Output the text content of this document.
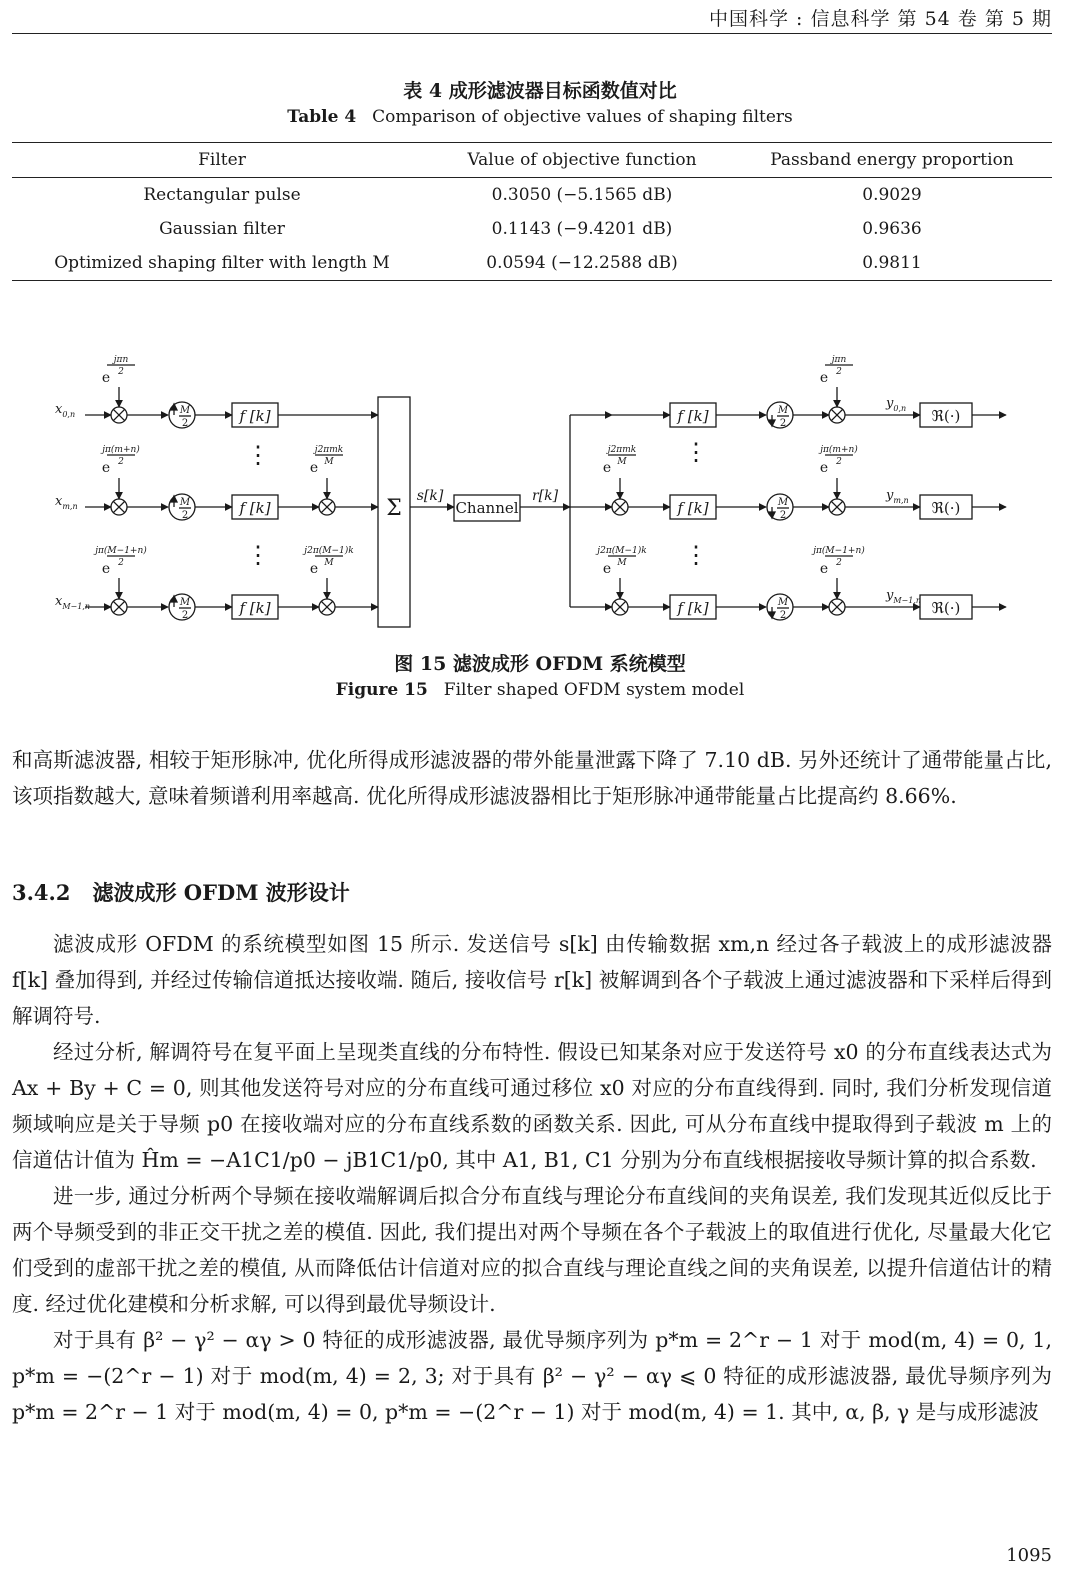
中国科学 : 信息科学 第 54 卷 第 5 期
表 4 成形滤波器目标函数值对比
Table 4 Comparison of objective values of shaping filters
Filter	Value of objective function	Passband energy proportion
Rectangular pulse	0.3050 (−5.1565 dB)	0.9029
Gaussian filter	0.1143 (−9.4201 dB)	0.9636
Optimized shaping filter with length M	0.0594 (−12.2588 dB)	0.9811
$x_{0,n}$
e
jπn
2
M
2	f [k]	f [k]	M
2
e
jπn
2
$y_{0,n}$ ℜ(·)
$x_{m,n}$
e
jπ(m+n)
2
M
2	f [k]
e
j2πmk
M	e
j2πmk
M
f [k]	M
2
e
jπ(m+n)
2
$y_{m,n}$ ℜ(·)
$x_{M-1,n}$
e
jπ(M−1+n)
2
M
2	f [k]
e
j2π(M−1)k
M	e
j2π(M−1)k
M
f [k]	M
2
e
jπ(M−1+n)
2
$y_{M-1,n}$ ℜ(·)
⋮
⋮
⋮
⋮
Σ s[k]
Channel
r[k]
图 15 滤波成形 OFDM 系统模型
Figure 15 Filter shaped OFDM system model

和高斯滤波器, 相较于矩形脉冲, 优化所得成形滤波器的带外能量泄露下降了 7.10 dB. 另外还统计了通带能量占比, 该项指数越大, 意味着频谱利用率越高. 优化所得成形滤波器相比于矩形脉冲通带能量占比提高约 8.66%.

3.4.2 滤波成形 OFDM 波形设计

滤波成形 OFDM 的系统模型如图 15 所示. 发送信号 s[k] 由传输数据 xm,n 经过各子载波上的成形滤波器 f[k] 叠加得到, 并经过传输信道抵达接收端. 随后, 接收信号 r[k] 被解调到各个子载波上通过滤波器和下采样后得到解调符号.

经过分析, 解调符号在复平面上呈现类直线的分布特性. 假设已知某条对应于发送符号 x0 的分布直线表达式为 Ax + By + C = 0, 则其他发送符号对应的分布直线可通过移位 x0 对应的分布直线得到. 同时, 我们分析发现信道频域响应是关于导频 p0 在接收端对应的分布直线系数的函数关系. 因此, 可从分布直线中提取得到子载波 m 上的信道估计值为 Ĥm = −A1C1/p0 − jB1C1/p0, 其中 A1, B1, C1 分别为分布直线根据接收导频计算的拟合系数.

进一步, 通过分析两个导频在接收端解调后拟合分布直线与理论分布直线间的夹角误差, 我们发现其近似反比于两个导频受到的非正交干扰之差的模值. 因此, 我们提出对两个导频在各个子载波上的取值进行优化, 尽量最大化它们受到的虚部干扰之差的模值, 从而降低估计信道对应的拟合直线与理论直线之间的夹角误差, 以提升信道估计的精度. 经过优化建模和分析求解, 可以得到最优导频设计.

对于具有 β² − γ² − αγ > 0 特征的成形滤波器, 最优导频序列为 p*m = 2^r − 1 对于 mod(m, 4) = 0, 1, p*m = −(2^r − 1) 对于 mod(m, 4) = 2, 3; 对于具有 β² − γ² − αγ ⩽ 0 特征的成形滤波器, 最优导频序列为 p*m = 2^r − 1 对于 mod(m, 4) = 0, p*m = −(2^r − 1) 对于 mod(m, 4) = 1. 其中, α, β, γ 是与成形滤波

1095
